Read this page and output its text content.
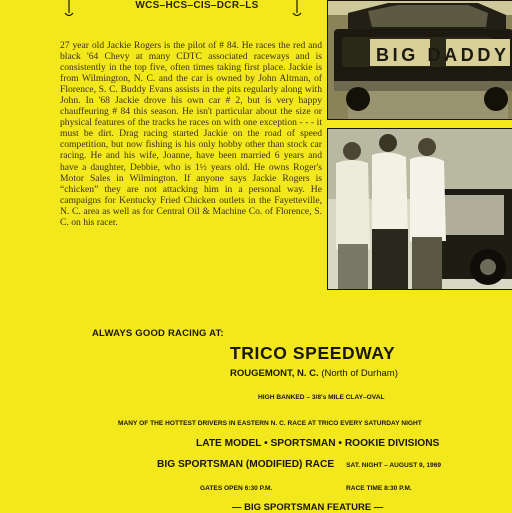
WCS–HCS–CIS–DCR–LS

27 year old Jackie Rogers is the pilot of # 84. He races the red and black '64 Chevy at many CDTC associated raceways and is consistently in the top five, often times taking first place. Jackie is from Wilmington, N. C. and the car is owned by John Altman, of Florence, S. C. Buddy Evans assists in the pits regularly along with John. In '68 Jackie drove his own car # 2, but is very happy chauffeuring # 84 this season. He isn't particular about the size or physical features of the tracks he races on with one exception - - - it must be dirt. Drag racing started Jackie on the road of speed competition, but now fishing is his only hobby other than stock car racing. He and his wife, Joanne, have been married 6 years and have a daughter, Debbie, who is 1½ years old. He owns Roger's Motor Sales in Wilmington. If anyone says Jackie Rogers is “chicken” they are not attacking him in a personal way. He campaigns for Kentucky Fried Chicken outlets in the Fayetteville, N. C. area as well as for Central Oil & Machine Co. of Florence, S. C. on his racer.

BIG DADDY
ALWAYS GOOD RACING AT:
TRICO SPEEDWAY
ROUGEMONT, N. C. (North of Durham)
HIGH BANKED – 3/8's MILE CLAY–OVAL
MANY OF THE HOTTEST DRIVERS IN EASTERN N. C. RACE AT TRICO EVERY SATURDAY NIGHT
LATE MODEL • SPORTSMAN • ROOKIE DIVISIONS
BIG SPORTSMAN (MODIFIED) RACE SAT. NIGHT – AUGUST 9, 1969
GATES OPEN 6:30 P.M.	RACE TIME 8:30 P.M.
— BIG SPORTSMAN FEATURE —
